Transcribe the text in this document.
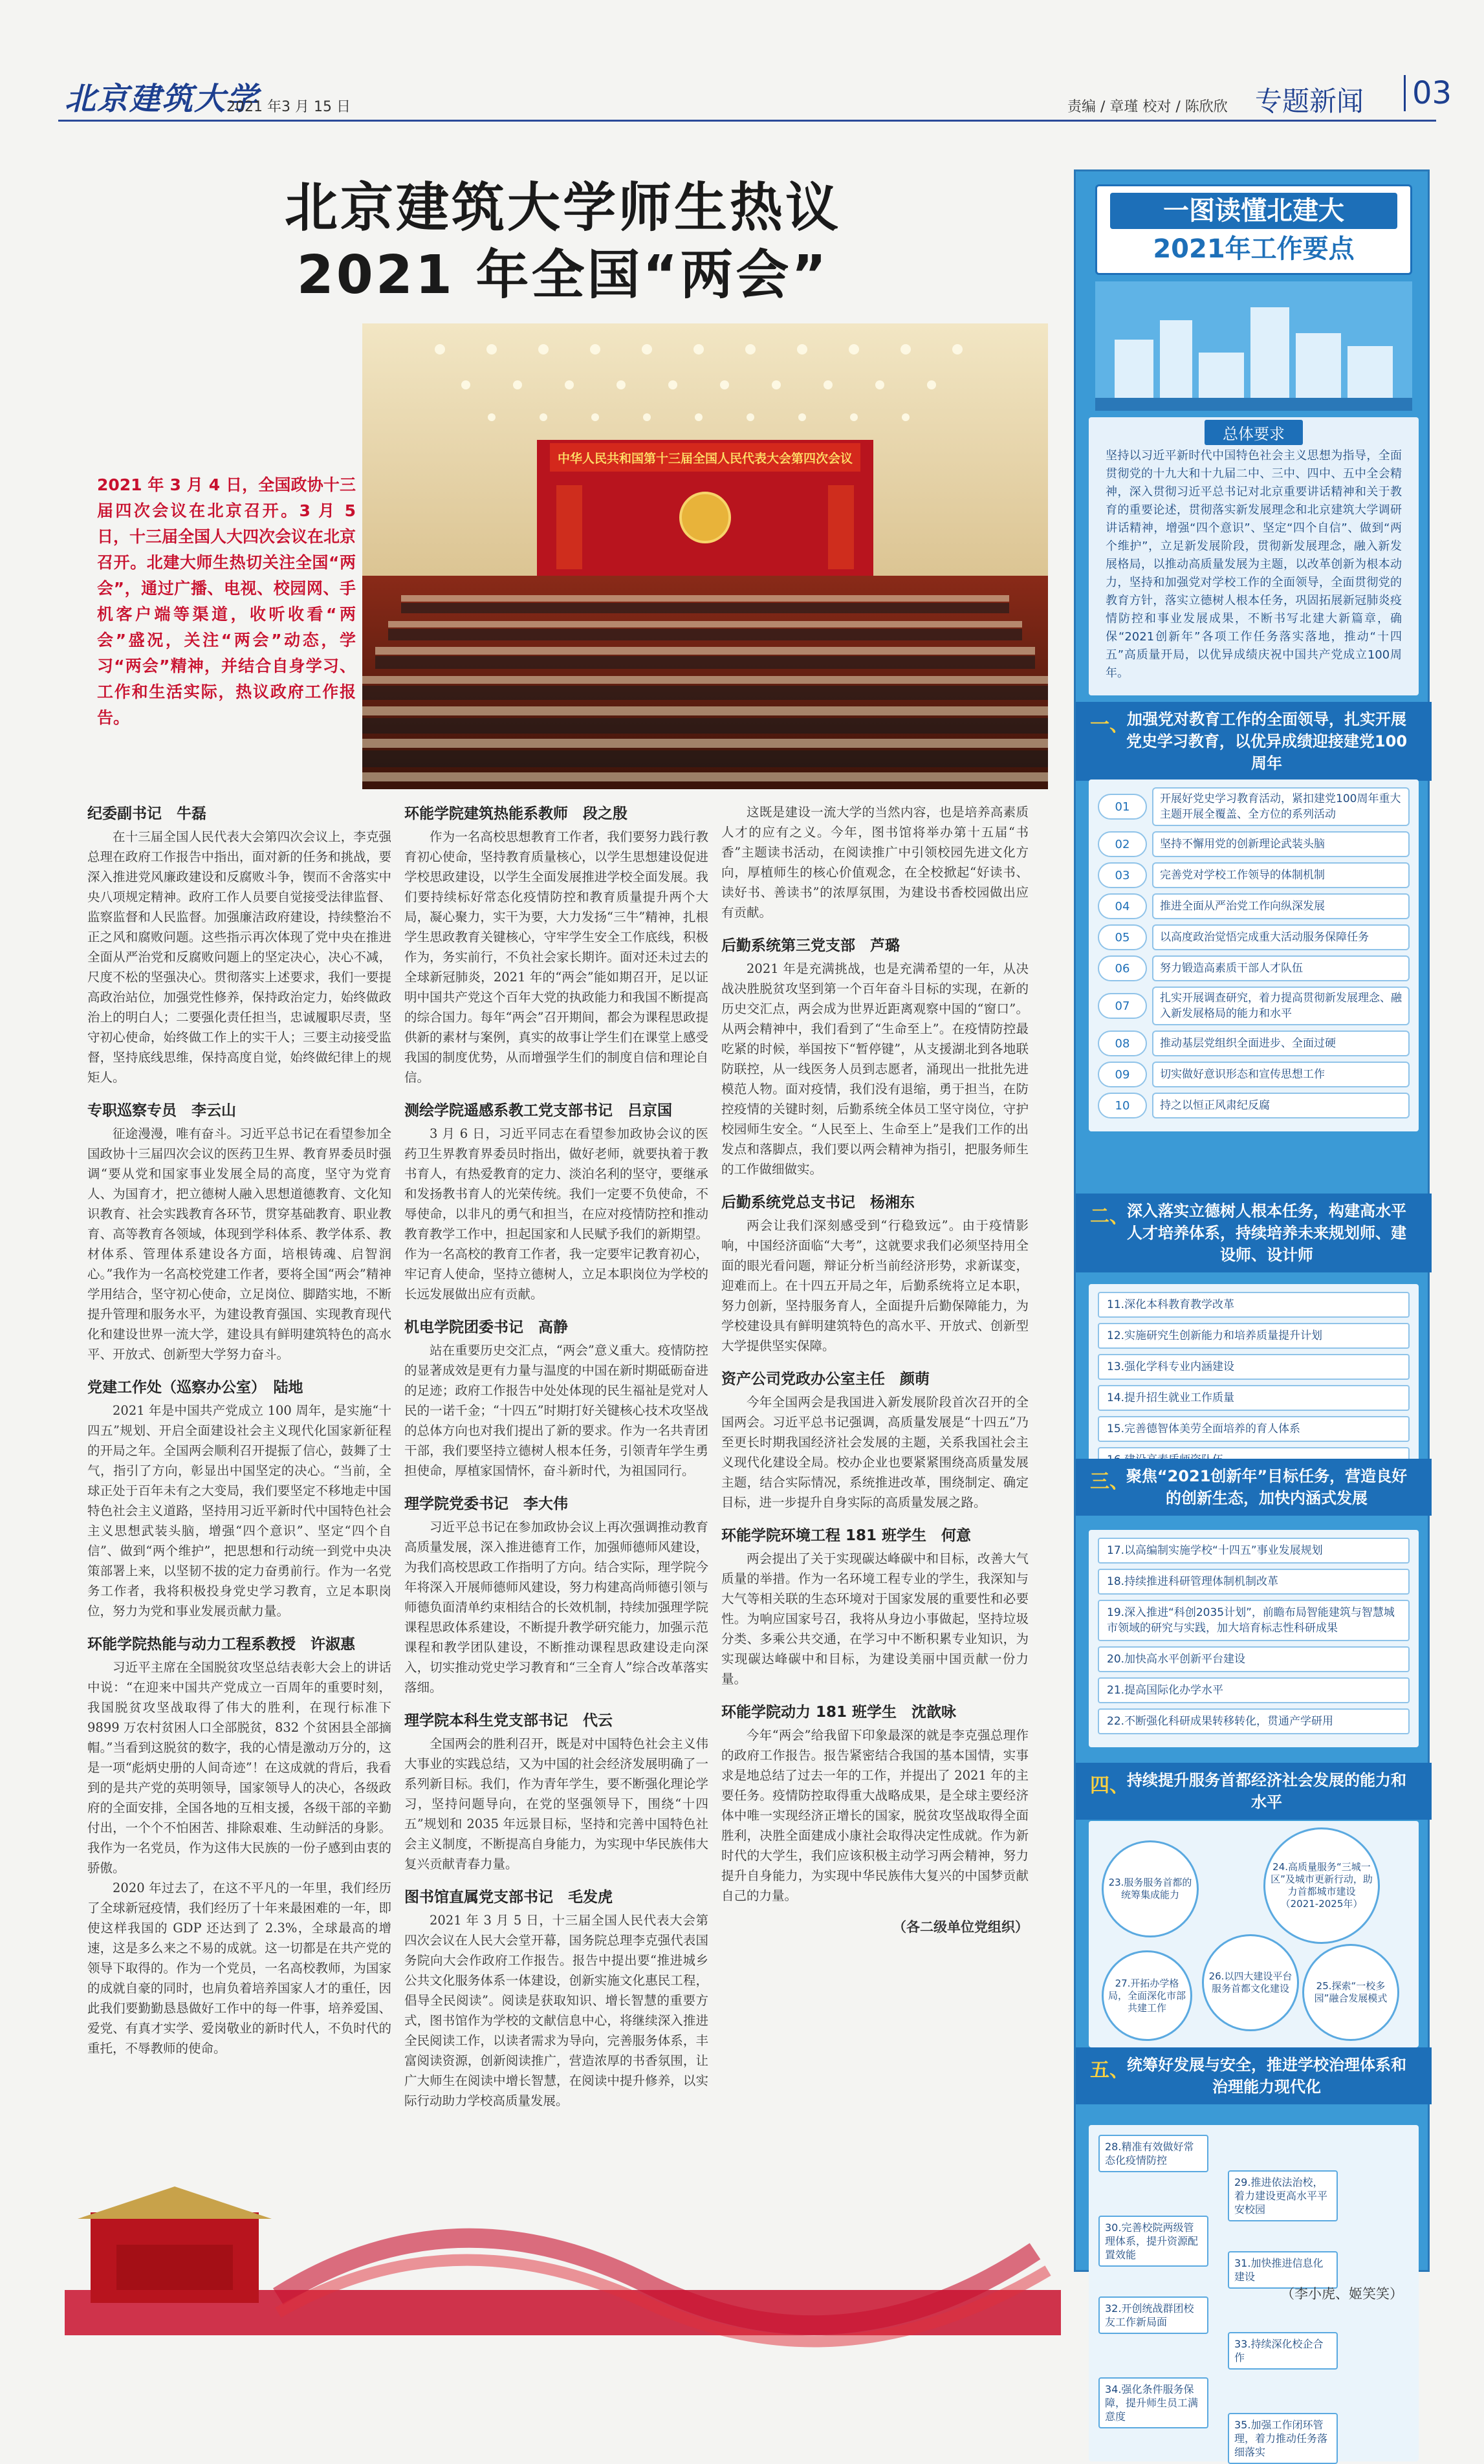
北京建筑大学
2021 年3 月 15 日	责编 / 章瑾 校对 / 陈欣欣 专题新闻 03
北京建筑大学师生热议
2021 年全国“两会”
中华人民共和国第十三届全国人民代表大会第四次会议
2021 年 3 月 4 日，全国政协十三届四次会议在北京召开。3 月 5 日，十三届全国人大四次会议在北京召开。北建大师生热切关注全国“两会”，通过广播、电视、校园网、手机客户端等渠道，收听收看“两会”盛况，关注“两会”动态，学习“两会”精神，并结合自身学习、工作和生活实际，热议政府工作报告。
纪委副书记　牛磊

在十三届全国人民代表大会第四次会议上，李克强总理在政府工作报告中指出，面对新的任务和挑战，要深入推进党风廉政建设和反腐败斗争，锲而不舍落实中央八项规定精神。政府工作人员要自觉接受法律监督、监察监督和人民监督。加强廉洁政府建设，持续整治不正之风和腐败问题。这些指示再次体现了党中央在推进全面从严治党和反腐败问题上的坚定决心，决心不减，尺度不松的坚强决心。贯彻落实上述要求，我们一要提高政治站位，加强党性修养，保持政治定力，始终做政治上的明白人；二要强化责任担当，忠诚履职尽责，坚守初心使命，始终做工作上的实干人；三要主动接受监督，坚持底线思维，保持高度自觉，始终做纪律上的规矩人。

专职巡察专员　李云山

征途漫漫，唯有奋斗。习近平总书记在看望参加全国政协十三届四次会议的医药卫生界、教育界委员时强调“要从党和国家事业发展全局的高度，坚守为党育人、为国育才，把立德树人融入思想道德教育、文化知识教育、社会实践教育各环节，贯穿基础教育、职业教育、高等教育各领域，体现到学科体系、教学体系、教材体系、管理体系建设各方面，培根铸魂、启智润心。”我作为一名高校党建工作者，要将全国“两会”精神学用结合，坚守初心使命，立足岗位、脚踏实地，不断提升管理和服务水平，为建设教育强国、实现教育现代化和建设世界一流大学，建设具有鲜明建筑特色的高水平、开放式、创新型大学努力奋斗。

党建工作处（巡察办公室）　陆地

2021 年是中国共产党成立 100 周年，是实施“十四五”规划、开启全面建设社会主义现代化国家新征程的开局之年。全国两会顺利召开提振了信心，鼓舞了士气，指引了方向，彰显出中国坚定的决心。“当前，全球正处于百年未有之大变局，我们要坚定不移地走中国特色社会主义道路，坚持用习近平新时代中国特色社会主义思想武装头脑，增强“四个意识”、坚定“四个自信”、做到“两个维护”，把思想和行动统一到党中央决策部署上来，以坚韧不拔的定力奋勇前行。作为一名党务工作者，我将积极投身党史学习教育，立足本职岗位，努力为党和事业发展贡献力量。

环能学院热能与动力工程系教授　许淑惠

习近平主席在全国脱贫攻坚总结表彰大会上的讲话中说：“在迎来中国共产党成立一百周年的重要时刻，我国脱贫攻坚战取得了伟大的胜利，在现行标准下 9899 万农村贫困人口全部脱贫，832 个贫困县全部摘帽。”当看到这脱贫的数字，我的心情是激动万分的，这是一项“彪炳史册的人间奇迹”！在这成就的背后，我看到的是共产党的英明领导，国家领导人的决心，各级政府的全面安排，全国各地的互相支援，各级干部的辛勤付出，一个个不怕困苦、排除艰难、生动鲜活的身影。我作为一名党员，作为这伟大民族的一份子感到由衷的骄傲。

2020 年过去了，在这不平凡的一年里，我们经历了全球新冠疫情，我们经历了十年来最困难的一年，即使这样我国的 GDP 还达到了 2.3%，全球最高的增速，这是多么来之不易的成就。这一切都是在共产党的领导下取得的。作为一个党员，一名高校教师，为国家的成就自豪的同时，也肩负着培养国家人才的重任，因此我们要勤勤恳恳做好工作中的每一件事，培养爱国、爱党、有真才实学、爱岗敬业的新时代人，不负时代的重托，不辱教师的使命。

环能学院建筑热能系教师　段之殷

作为一名高校思想教育工作者，我们要努力践行教育初心使命，坚持教育质量核心，以学生思想建设促进学校思政建设，以学生全面发展推进学校全面发展。我们要持续标好常态化疫情防控和教育质量提升两个大局，凝心聚力，实干为要，大力发扬“三牛”精神，扎根学生思政教育关键核心，守牢学生安全工作底线，积极作为，务实前行，不负社会家长期许。面对还未过去的全球新冠肺炎，2021 年的“两会”能如期召开，足以证明中国共产党这个百年大党的执政能力和我国不断提高的综合国力。每年“两会”召开期间，都会为课程思政提供新的素材与案例，真实的故事让学生们在课堂上感受我国的制度优势，从而增强学生们的制度自信和理论自信。

测绘学院遥感系教工党支部书记　吕京国

3 月 6 日，习近平同志在看望参加政协会议的医药卫生界教育界委员时指出，做好老师，就要执着于教书育人，有热爱教育的定力、淡泊名利的坚守，要继承和发扬教书育人的光荣传统。我们一定要不负使命，不辱使命，以非凡的勇气和担当，在应对疫情防控和推动教育教学工作中，担起国家和人民赋予我们的新期望。作为一名高校的教育工作者，我一定要牢记教育初心，牢记育人使命，坚持立德树人，立足本职岗位为学校的长远发展做出应有贡献。

机电学院团委书记　高静

站在重要历史交汇点，“两会”意义重大。疫情防控的显著成效是更有力量与温度的中国在新时期砥砺奋进的足迹；政府工作报告中处处体现的民生福祉是党对人民的一诺千金；“十四五”时期打好关键核心技术攻坚战的总体方向也对我们提出了新的要求。作为一名共青团干部，我们要坚持立德树人根本任务，引领青年学生勇担使命，厚植家国情怀，奋斗新时代，为祖国同行。

理学院党委书记　李大伟

习近平总书记在参加政协会议上再次强调推动教育高质量发展，深入推进德育工作，加强师德师风建设，为我们高校思政工作指明了方向。结合实际，理学院今年将深入开展师德师风建设，努力构建高尚师德引领与师德负面清单约束相结合的长效机制，持续加强理学院课程思政体系建设，不断提升教学研究能力，加强示范课程和教学团队建设，不断推动课程思政建设走向深入，切实推动党史学习教育和“三全育人”综合改革落实落细。

理学院本科生党支部书记　代云

全国两会的胜利召开，既是对中国特色社会主义伟大事业的实践总结，又为中国的社会经济发展明确了一系列新目标。我们，作为青年学生，要不断强化理论学习，坚持问题导向，在党的坚强领导下，围绕“十四五”规划和 2035 年远景目标，坚持和完善中国特色社会主义制度，不断提高自身能力，为实现中华民族伟大复兴贡献青春力量。

图书馆直属党支部书记　毛发虎

2021 年 3 月 5 日，十三届全国人民代表大会第四次会议在人民大会堂开幕，国务院总理李克强代表国务院向大会作政府工作报告。报告中提出要“推进城乡公共文化服务体系一体建设，创新实施文化惠民工程，倡导全民阅读”。阅读是获取知识、增长智慧的重要方式，图书馆作为学校的文献信息中心，将继续深入推进全民阅读工作，以读者需求为导向，完善服务体系，丰富阅读资源，创新阅读推广，营造浓厚的书香氛围，让广大师生在阅读中增长智慧，在阅读中提升修养，以实际行动助力学校高质量发展。

这既是建设一流大学的当然内容，也是培养高素质人才的应有之义。今年，图书馆将举办第十五届“书香”主题读书活动，在阅读推广中引领校园先进文化方向，厚植师生的核心价值观念，在全校掀起“好读书、读好书、善读书”的浓厚氛围，为建设书香校园做出应有贡献。

后勤系统第三党支部　芦璐

2021 年是充满挑战，也是充满希望的一年，从决战决胜脱贫攻坚到第一个百年奋斗目标的实现，在新的历史交汇点，两会成为世界近距离观察中国的“窗口”。从两会精神中，我们看到了“生命至上”。在疫情防控最吃紧的时候，举国按下“暂停键”，从支援湖北到各地联防联控，从一线医务人员到志愿者，涌现出一批批先进模范人物。面对疫情，我们没有退缩，勇于担当，在防控疫情的关键时刻，后勤系统全体员工坚守岗位，守护校园师生安全。“人民至上、生命至上”是我们工作的出发点和落脚点，我们要以两会精神为指引，把服务师生的工作做细做实。

后勤系统党总支书记　杨湘东

两会让我们深刻感受到“行稳致远”。由于疫情影响，中国经济面临“大考”，这就要求我们必须坚持用全面的眼光看问题，辩证分析当前经济形势，求新谋变，迎难而上。在十四五开局之年，后勤系统将立足本职，努力创新，坚持服务育人，全面提升后勤保障能力，为学校建设具有鲜明建筑特色的高水平、开放式、创新型大学提供坚实保障。

资产公司党政办公室主任　颜萌

今年全国两会是我国进入新发展阶段首次召开的全国两会。习近平总书记强调，高质量发展是“十四五”乃至更长时期我国经济社会发展的主题，关系我国社会主义现代化建设全局。校办企业也要紧紧围绕高质量发展主题，结合实际情况，系统推进改革，围绕制定、确定目标，进一步提升自身实际的高质量发展之路。

环能学院环境工程 181 班学生　何意

两会提出了关于实现碳达峰碳中和目标，改善大气质量的举措。作为一名环境工程专业的学生，我深知与大气等相关联的生态环境对于国家发展的重要性和必要性。为响应国家号召，我将从身边小事做起，坚持垃圾分类、多乘公共交通，在学习中不断积累专业知识，为实现碳达峰碳中和目标，为建设美丽中国贡献一份力量。

环能学院动力 181 班学生　沈歆咏

今年“两会”给我留下印象最深的就是李克强总理作的政府工作报告。报告紧密结合我国的基本国情，实事求是地总结了过去一年的工作，并提出了 2021 年的主要任务。疫情防控取得重大战略成果，是全球主要经济体中唯一实现经济正增长的国家，脱贫攻坚战取得全面胜利，决胜全面建成小康社会取得决定性成就。作为新时代的大学生，我们应该积极主动学习两会精神，努力提升自身能力，为实现中华民族伟大复兴的中国梦贡献自己的力量。

（各二级单位党组织）
一图读懂北建大
2021年工作要点
总体要求
坚持以习近平新时代中国特色社会主义思想为指导，全面贯彻党的十九大和十九届二中、三中、四中、五中全会精神，深入贯彻习近平总书记对北京重要讲话精神和关于教育的重要论述，贯彻落实新发展理念和北京建筑大学调研讲话精神，增强“四个意识”、坚定“四个自信”、做到“两个维护”，立足新发展阶段，贯彻新发展理念，融入新发展格局，以推动高质量发展为主题，以改革创新为根本动力，坚持和加强党对学校工作的全面领导，全面贯彻党的教育方针，落实立德树人根本任务，巩固拓展新冠肺炎疫情防控和事业发展成果，不断书写北建大新篇章，确保“2021创新年”各项工作任务落实落地，推动“十四五”高质量开局，以优异成绩庆祝中国共产党成立100周年。
一、
加强党对教育工作的全面领导，扎实开展党史学习教育，以优异成绩迎接建党100周年
01
开展好党史学习教育活动，紧扣建党100周年重大主题开展全覆盖、全方位的系列活动
02	坚持不懈用党的创新理论武装头脑
03	完善党对学校工作领导的体制机制
04	推进全面从严治党工作向纵深发展
05	以高度政治觉悟完成重大活动服务保障任务
06	努力锻造高素质干部人才队伍
07
扎实开展调查研究，着力提高贯彻新发展理念、融入新发展格局的能力和水平
08	推动基层党组织全面进步、全面过硬
09	切实做好意识形态和宣传思想工作
10	持之以恒正风肃纪反腐
二、
深入落实立德树人根本任务，构建高水平人才培养体系，持续培养未来规划师、建设师、设计师
11.深化本科教育教学改革
12.实施研究生创新能力和培养质量提升计划
13.强化学科专业内涵建设
14.提升招生就业工作质量
15.完善德智体美劳全面培养的育人体系
三、
聚焦“2021创新年”目标任务，营造良好的创新生态，加快内涵式发展
17.以高编制实施学校“十四五”事业发展规划
18.持续推进科研管理体制机制改革
19.深入推进“科创2035计划”，前瞻布局智能建筑与智慧城市领域的研究与实践，加大培育标志性科研成果
20.加快高水平创新平台建设
21.提高国际化办学水平
22.不断强化科研成果转移转化，贯通产学研用
四、
持续提升服务首都经济社会发展的能力和水平
23.服务服务首都的统筹集成能力
24.高质量服务“三城一区”及城市更新行动，助力首都城市建设（2021-2025年）
25.探索“一校多园”融合发展模式
26.以四大建设平台服务首都文化建设
27.开拓办学格局，全面深化市部共建工作
五、
统筹好发展与安全，推进学校治理体系和治理能力现代化
28.精准有效做好常态化疫情防控
29.推进依法治校，着力建设更高水平平安校园
30.完善校院两级管理体系，提升资源配置效能
31.加快推进信息化建设
32.开创统战群团校友工作新局面
33.持续深化校企合作
34.强化条件服务保障，提升师生员工满意度
35.加强工作闭环管理，着力推动任务落细落实
（李小虎、姬笑笑）
